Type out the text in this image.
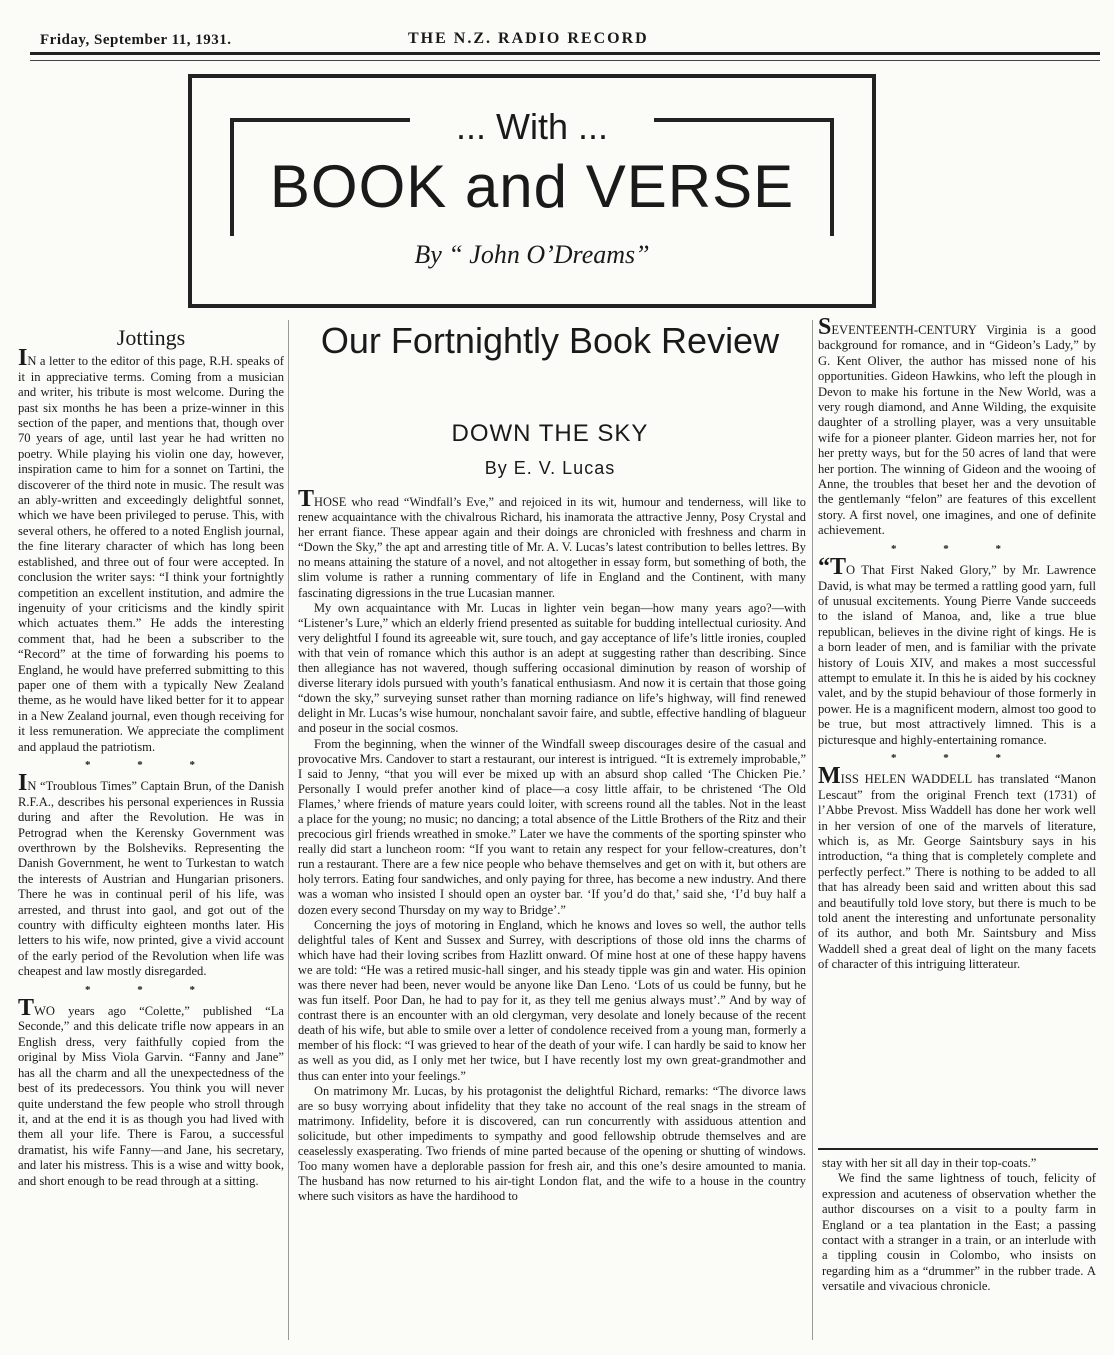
Friday, September 11, 1931.	THE N.Z. RADIO RECORD
... With ...
BOOK and VERSE
By “ John O’Dreams”
Jottings

IN a letter to the editor of this page, R.H. speaks of it in appreciative terms. Coming from a musician and writer, his tribute is most welcome. During the past six months he has been a prize-winner in this section of the paper, and mentions that, though over 70 years of age, until last year he had written no poetry. While playing his violin one day, however, inspiration came to him for a sonnet on Tartini, the discoverer of the third note in music. The result was an ably-written and exceedingly delightful sonnet, which we have been privileged to peruse. This, with several others, he offered to a noted English journal, the fine literary character of which has long been established, and three out of four were accepted. In conclusion the writer says: “I think your fortnightly competition an excellent institution, and admire the ingenuity of your criticisms and the kindly spirit which actuates them.” He adds the interesting comment that, had he been a subscriber to the “Record” at the time of forwarding his poems to England, he would have preferred submitting to this paper one of them with a typically New Zealand theme, as he would have liked better for it to appear in a New Zealand journal, even though receiving for it less remuneration. We appreciate the compliment and applaud the patriotism.

* * *

IN “Troublous Times” Captain Brun, of the Danish R.F.A., describes his personal experiences in Russia during and after the Revolution. He was in Petrograd when the Kerensky Government was overthrown by the Bolsheviks. Representing the Danish Government, he went to Turkestan to watch the interests of Austrian and Hungarian prisoners. There he was in continual peril of his life, was arrested, and thrust into gaol, and got out of the country with difficulty eighteen months later. His letters to his wife, now printed, give a vivid account of the early period of the Revolution when life was cheapest and law mostly disregarded.

* * *

TWO years ago “Colette,” published “La Seconde,” and this delicate trifle now appears in an English dress, very faithfully copied from the original by Miss Viola Garvin. “Fanny and Jane” has all the charm and all the unexpectedness of the best of its predecessors. You think you will never quite understand the few people who stroll through it, and at the end it is as though you had lived with them all your life. There is Farou, a successful dramatist, his wife Fanny—and Jane, his secretary, and later his mistress. This is a wise and witty book, and short enough to be read through at a sitting.

Our Fortnightly Book Review
DOWN THE SKY
By E. V. Lucas

THOSE who read “Windfall’s Eve,” and rejoiced in its wit, humour and tenderness, will like to renew acquaintance with the chivalrous Richard, his inamorata the attractive Jenny, Posy Crystal and her errant fiance. These appear again and their doings are chronicled with freshness and charm in “Down the Sky,” the apt and arresting title of Mr. A. V. Lucas’s latest contribution to belles lettres. By no means attaining the stature of a novel, and not altogether in essay form, but something of both, the slim volume is rather a running commentary of life in England and the Continent, with many fascinating digressions in the true Lucasian manner.

My own acquaintance with Mr. Lucas in lighter vein began—how many years ago?—with “Listener’s Lure,” which an elderly friend presented as suitable for budding intellectual curiosity. And very delightful I found its agreeable wit, sure touch, and gay acceptance of life’s little ironies, coupled with that vein of romance which this author is an adept at suggesting rather than describing. Since then allegiance has not wavered, though suffering occasional diminution by reason of worship of diverse literary idols pursued with youth’s fanatical enthusiasm. And now it is certain that those going “down the sky,” surveying sunset rather than morning radiance on life’s highway, will find renewed delight in Mr. Lucas’s wise humour, nonchalant savoir faire, and subtle, effective handling of blagueur and poseur in the social cosmos.

From the beginning, when the winner of the Windfall sweep discourages desire of the casual and provocative Mrs. Candover to start a restaurant, our interest is intrigued. “It is extremely improbable,” I said to Jenny, “that you will ever be mixed up with an absurd shop called ‘The Chicken Pie.’ Personally I would prefer another kind of place—a cosy little affair, to be christened ‘The Old Flames,’ where friends of mature years could loiter, with screens round all the tables. Not in the least a place for the young; no music; no dancing; a total absence of the Little Brothers of the Ritz and their precocious girl friends wreathed in smoke.” Later we have the comments of the sporting spinster who really did start a luncheon room: “If you want to retain any respect for your fellow-creatures, don’t run a restaurant. There are a few nice people who behave themselves and get on with it, but others are holy terrors. Eating four sandwiches, and only paying for three, has become a new industry. And there was a woman who insisted I should open an oyster bar. ‘If you’d do that,’ said she, ‘I’d buy half a dozen every second Thursday on my way to Bridge’.”

Concerning the joys of motoring in England, which he knows and loves so well, the author tells delightful tales of Kent and Sussex and Surrey, with descriptions of those old inns the charms of which have had their loving scribes from Hazlitt onward. Of mine host at one of these happy havens we are told: “He was a retired music-hall singer, and his steady tipple was gin and water. His opinion was there never had been, never would be anyone like Dan Leno. ‘Lots of us could be funny, but he was fun itself. Poor Dan, he had to pay for it, as they tell me genius always must’.” And by way of contrast there is an encounter with an old clergyman, very desolate and lonely because of the recent death of his wife, but able to smile over a letter of condolence received from a young man, formerly a member of his flock: “I was grieved to hear of the death of your wife. I can hardly be said to know her as well as you did, as I only met her twice, but I have recently lost my own great-grandmother and thus can enter into your feelings.”

On matrimony Mr. Lucas, by his protagonist the delightful Richard, remarks: “The divorce laws are so busy worrying about infidelity that they take no account of the real snags in the stream of matrimony. Infidelity, before it is discovered, can run concurrently with assiduous attention and solicitude, but other impediments to sympathy and good fellowship obtrude themselves and are ceaselessly exasperating. Two friends of mine parted because of the opening or shutting of windows. Too many women have a deplorable passion for fresh air, and this one’s desire amounted to mania. The husband has now returned to his air-tight London flat, and the wife to a house in the country where such visitors as have the hardihood to

SEVENTEENTH-CENTURY Virginia is a good background for romance, and in “Gideon’s Lady,” by G. Kent Oliver, the author has missed none of his opportunities. Gideon Hawkins, who left the plough in Devon to make his fortune in the New World, was a very rough diamond, and Anne Wilding, the exquisite daughter of a strolling player, was a very unsuitable wife for a pioneer planter. Gideon marries her, not for her pretty ways, but for the 50 acres of land that were her portion. The winning of Gideon and the wooing of Anne, the troubles that beset her and the devotion of the gentlemanly “felon” are features of this excellent story. A first novel, one imagines, and one of definite achievement.

* * *

“TO That First Naked Glory,” by Mr. Lawrence David, is what may be termed a rattling good yarn, full of unusual excitements. Young Pierre Vande succeeds to the island of Manoa, and, like a true blue republican, believes in the divine right of kings. He is a born leader of men, and is familiar with the private history of Louis XIV, and makes a most successful attempt to emulate it. In this he is aided by his cockney valet, and by the stupid behaviour of those formerly in power. He is a magnificent modern, almost too good to be true, but most attractively limned. This is a picturesque and highly-entertaining romance.

* * *

MISS HELEN WADDELL has translated “Manon Lescaut” from the original French text (1731) of l’Abbe Prevost. Miss Waddell has done her work well in her version of one of the marvels of literature, which is, as Mr. George Saintsbury says in his introduction, “a thing that is completely complete and perfectly perfect.” There is nothing to be added to all that has already been said and written about this sad and beautifully told love story, but there is much to be told anent the interesting and unfortunate personality of its author, and both Mr. Saintsbury and Miss Waddell shed a great deal of light on the many facets of character of this intriguing litterateur.

stay with her sit all day in their top-coats.”

We find the same lightness of touch, felicity of expression and acuteness of observation whether the author discourses on a visit to a poulty farm in England or a tea plantation in the East; a passing contact with a stranger in a train, or an interlude with a tippling cousin in Colombo, who insists on regarding him as a “drummer” in the rubber trade. A versatile and vivacious chronicle.
